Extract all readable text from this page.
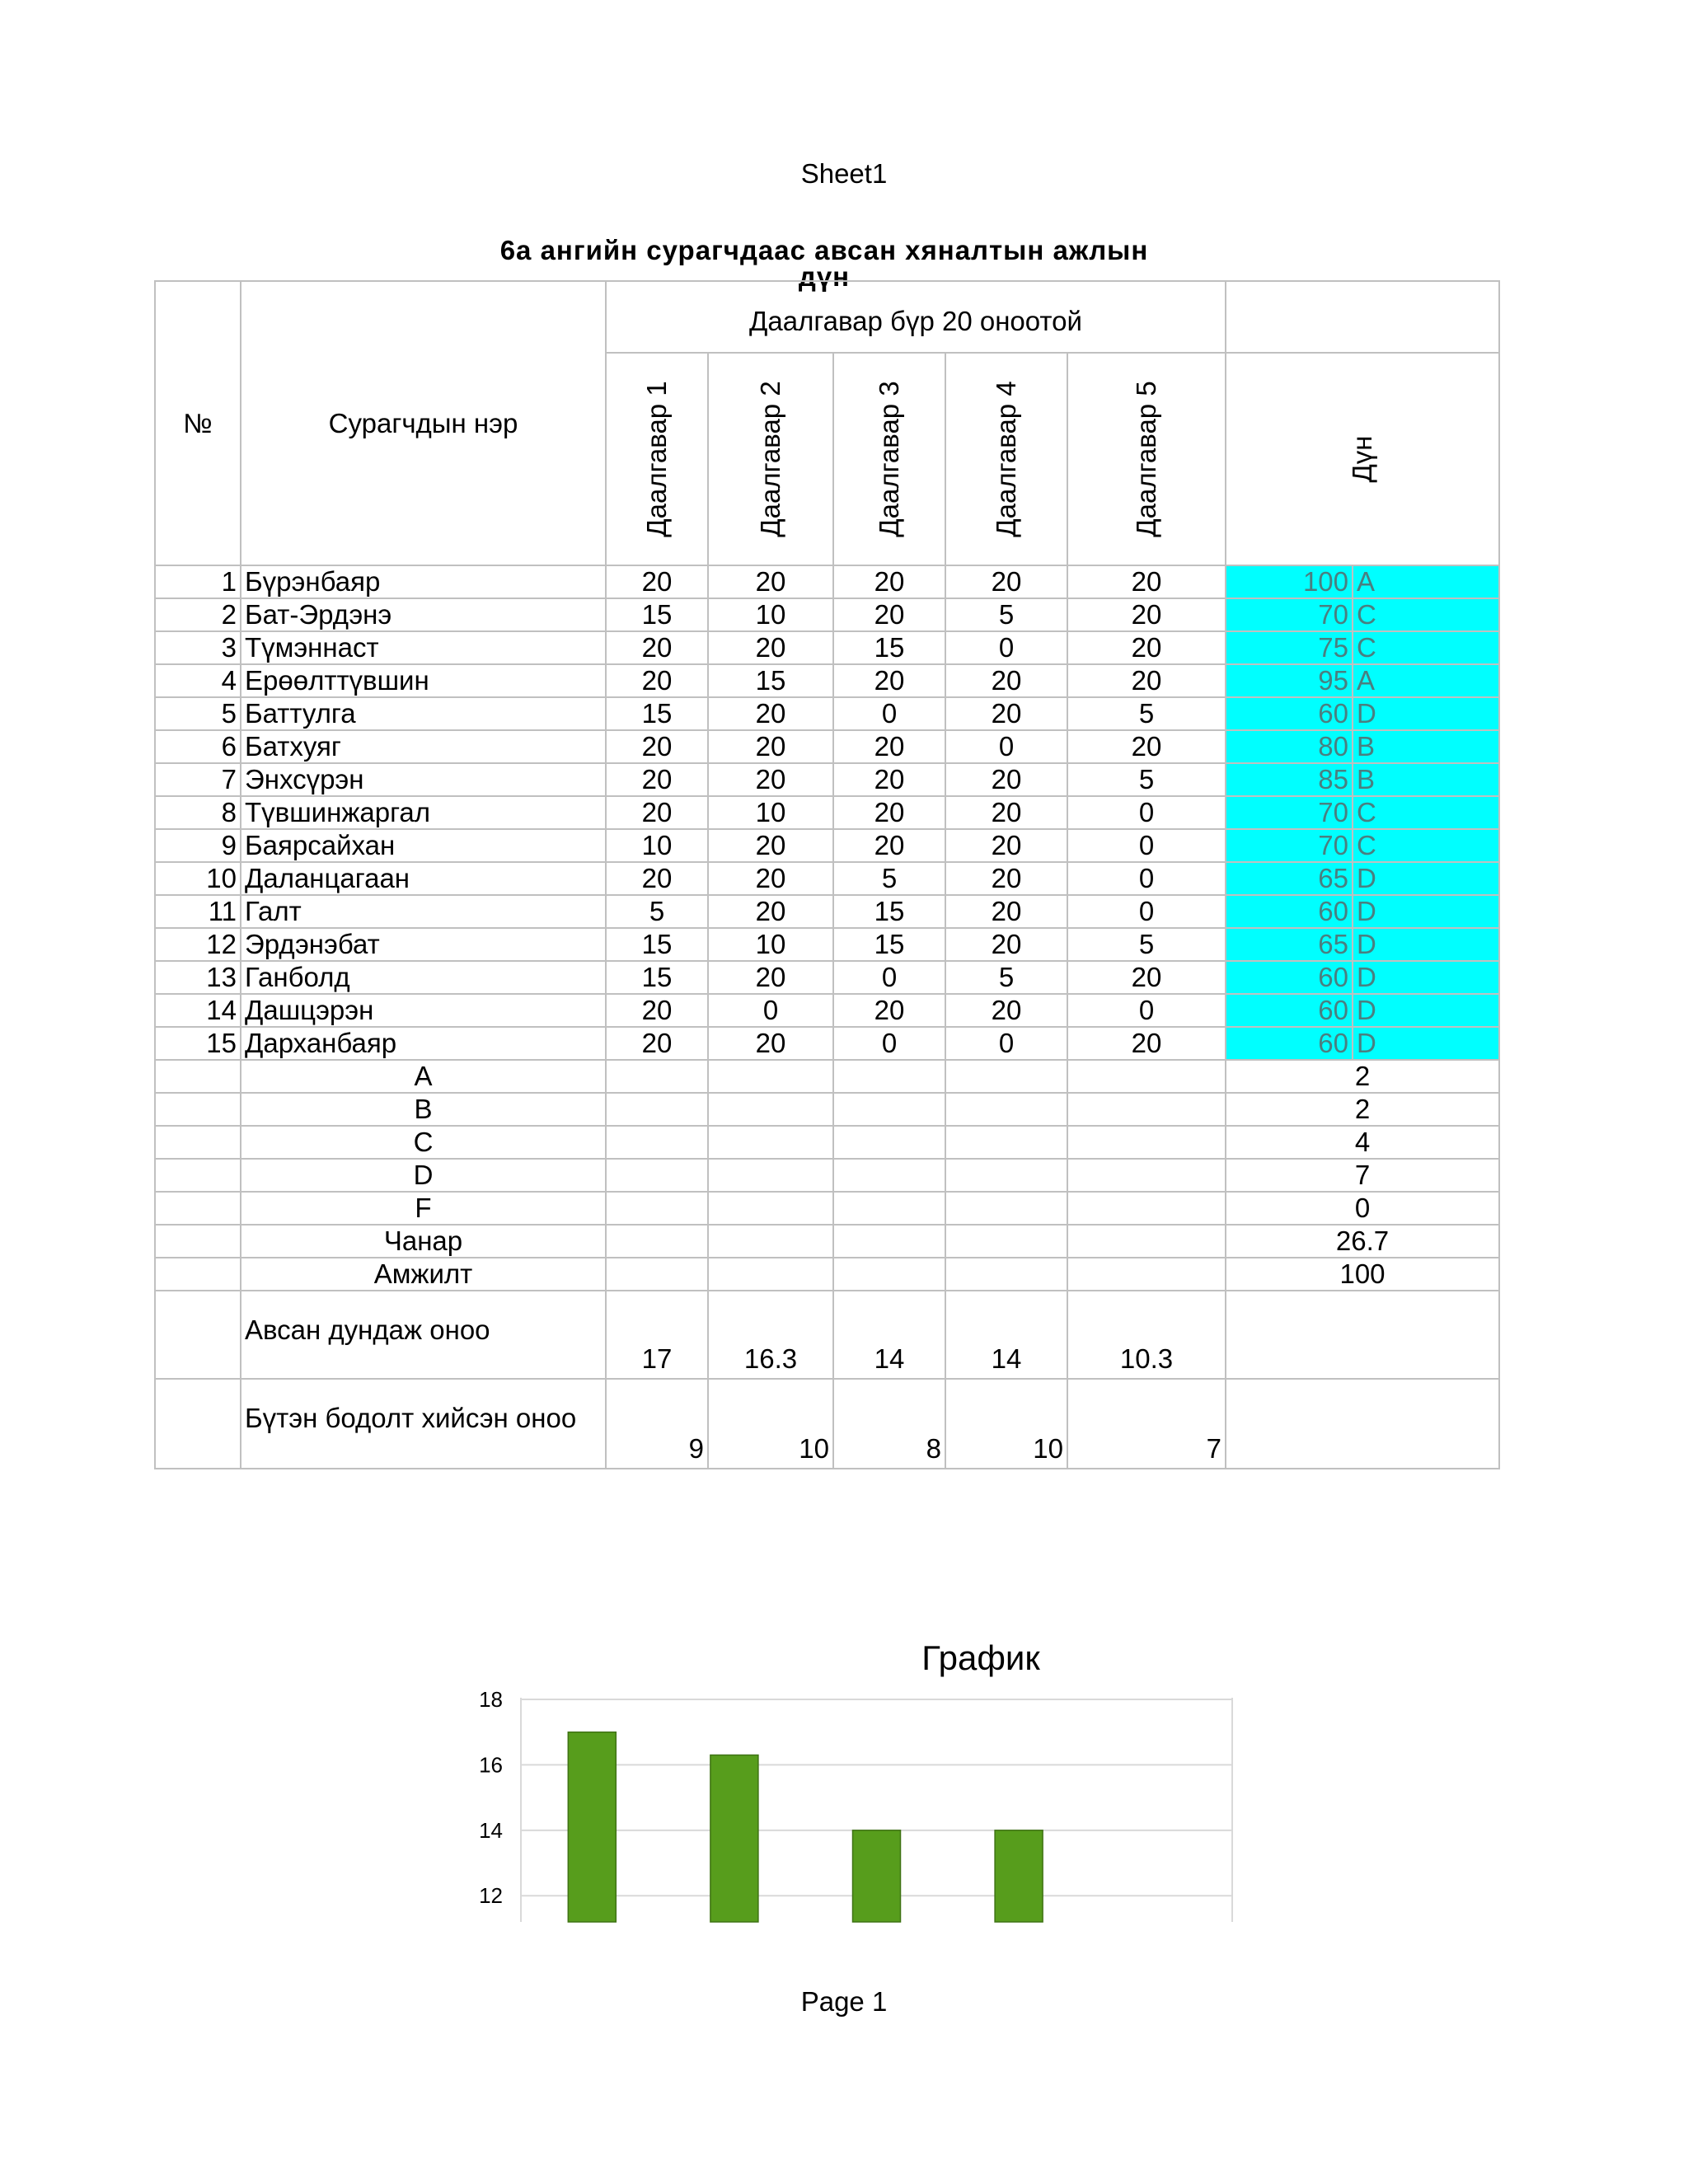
Sheet1
6а ангийн сурагчдаас авсан хяналтын ажлын
дүн
№	Сурагчдын нэр	Даалгавар бүр 20 оноотой						

		Даалгавар 1	Даалгавар 2	Даалгавар 3	Даалгавар 4	Даалгавар 5	Дүн	

1	Бүрэнбаяр	20	20	20	20	20	100	A
2	Бат-Эрдэнэ	15	10	20	5	20	70	C
3	Түмэннаст	20	20	15	0	20	75	C
4	Ерөөлттүвшин	20	15	20	20	20	95	A
5	Баттулга	15	20	0	20	5	60	D
6	Батхуяг	20	20	20	0	20	80	B
7	Энхсүрэн	20	20	20	20	5	85	B
8	Түвшинжаргал	20	10	20	20	0	70	C
9	Баярсайхан	10	20	20	20	0	70	C
10	Даланцагаан	20	20	5	20	0	65	D
11	Галт	5	20	15	20	0	60	D
12	Эрдэнэбат	15	10	15	20	5	65	D
13	Ганболд	15	20	0	5	20	60	D
14	Дашцэрэн	20	0	20	20	0	60	D
15	Дарханбаяр	20	20	0	0	20	60	D
	A						2	
	B						2	
	C						4	
	D						7	
	F						0	
	Чанар						26.7	
	Амжилт						100	
	Авсан дундаж оноо	17	16.3	14	14	10.3		
	Бүтэн бодолт хийсэн оноо	9	10	8	10	7		
График
12
14
16
18
Page 1
